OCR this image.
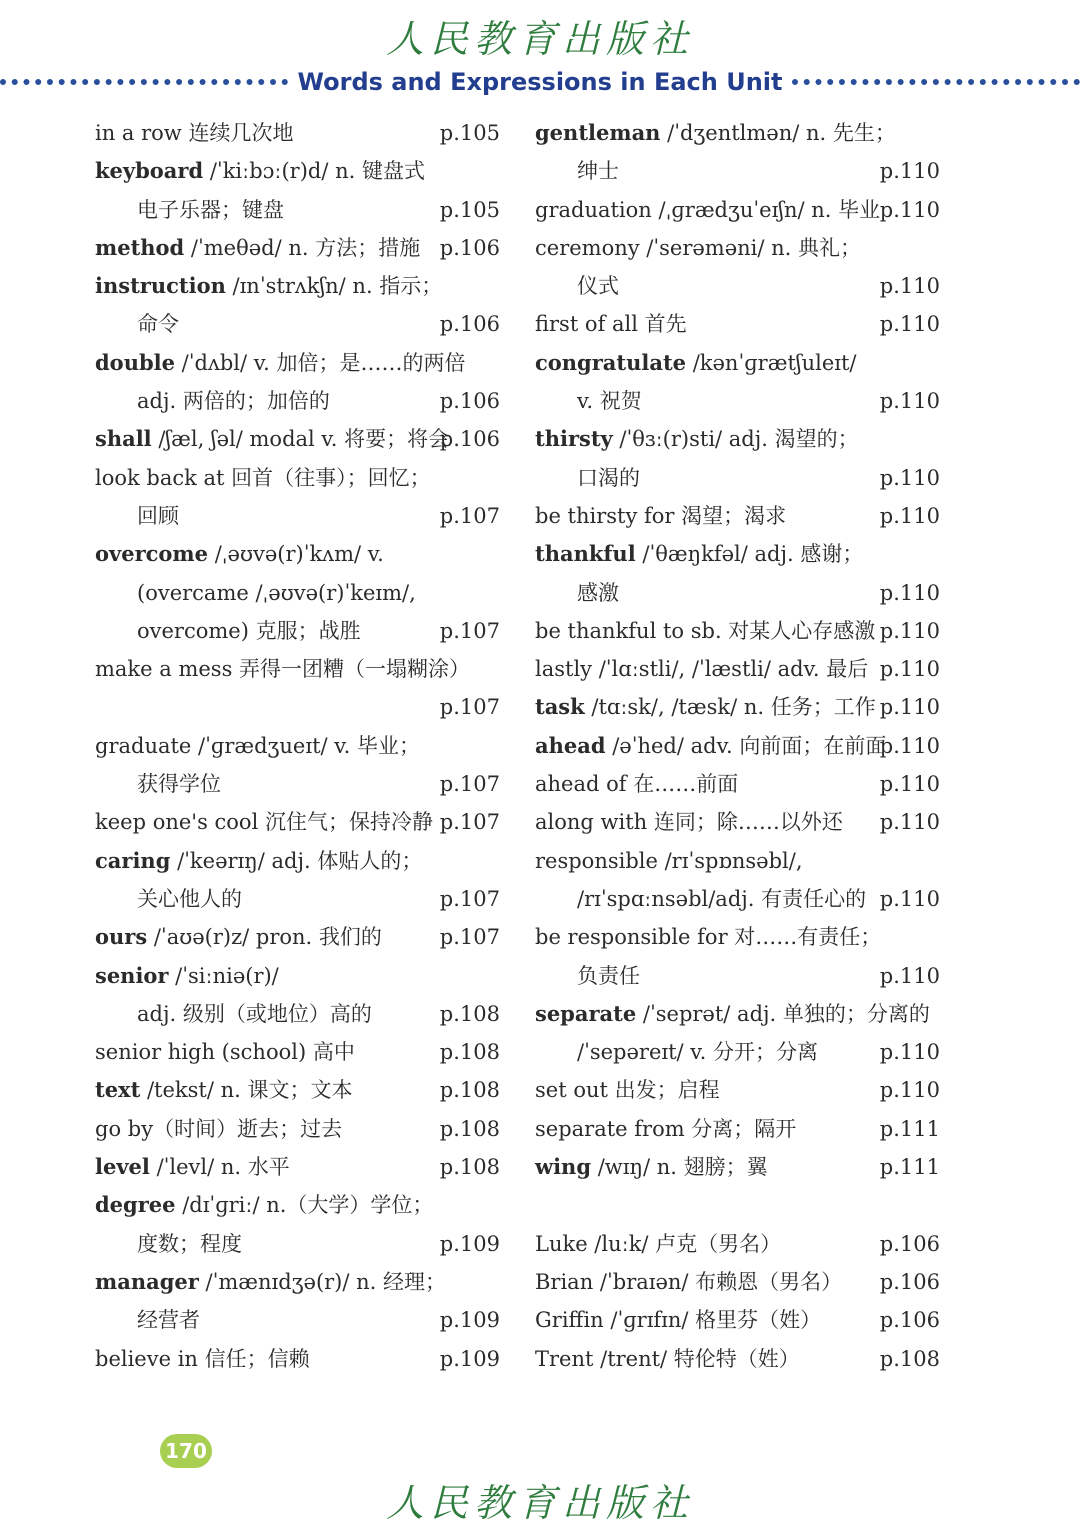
人民教育出版社
Words and Expressions in Each Unit
in a row 连续几次地	p.105
keyboard /ˈkiːbɔː(r)d/ n. 键盘式
电子乐器；键盘	p.105
method /ˈmeθəd/ n. 方法；措施 p.106
instruction /ɪnˈstrʌkʃn/ n. 指示；
命令	p.106
double /ˈdʌbl/ v. 加倍；是……的两倍
adj. 两倍的；加倍的	p.106
shall /ʃæl, ʃəl/ modal v. 将要；将会
p.106
look back at 回首（往事）；回忆；
回顾	p.107
overcome /ˌəʊvə(r)ˈkʌm/ v.
(overcame /ˌəʊvə(r)ˈkeɪm/,
overcome) 克服；战胜	p.107
make a mess 弄得一团糟（一塌糊涂）
p.107
graduate /ˈɡrædʒueɪt/ v. 毕业；
获得学位	p.107
keep one's cool 沉住气；保持冷静 p.107
caring /ˈkeərɪŋ/ adj. 体贴人的；
关心他人的	p.107
ours /ˈaʊə(r)z/ pron. 我们的	p.107
senior /ˈsiːniə(r)/
adj. 级别（或地位）高的	p.108
senior high (school) 高中	p.108
text /tekst/ n. 课文；文本	p.108
go by（时间）逝去；过去	p.108
level /ˈlevl/ n. 水平	p.108
degree /dɪˈɡriː/ n.（大学）学位；
度数；程度	p.109
manager /ˈmænɪdʒə(r)/ n. 经理；
经营者	p.109
believe in 信任；信赖	p.109
gentleman /ˈdʒentlmən/ n. 先生；
绅士	p.110
graduation /ˌɡrædʒuˈeɪʃn/ n. 毕业 p.110
ceremony /ˈserəməni/ n. 典礼；
仪式	p.110
first of all 首先	p.110
congratulate /kənˈɡrætʃuleɪt/
v. 祝贺	p.110
thirsty /ˈθɜː(r)sti/ adj. 渴望的；
口渴的	p.110
be thirsty for 渴望；渴求	p.110
thankful /ˈθæŋkfəl/ adj. 感谢；
感激	p.110
be thankful to sb. 对某人心存感激 p.110
lastly /ˈlɑːstli/, /ˈlæstli/ adv. 最后 p.110
task /tɑːsk/, /tæsk/ n. 任务；工作 p.110
ahead /əˈhed/ adv. 向前面；在前面
p.110
ahead of 在……前面	p.110
along with 连同；除……以外还 p.110
responsible /rɪˈspɒnsəbl/,
/rɪˈspɑːnsəbl/adj. 有责任心的 p.110
be responsible for 对……有责任；
负责任	p.110
separate /ˈseprət/ adj. 单独的；分离的
/ˈsepəreɪt/ v. 分开；分离	p.110
set out 出发；启程	p.110
separate from 分离；隔开	p.111
wing /wɪŋ/ n. 翅膀；翼	p.111
Luke /luːk/ 卢克（男名）	p.106
Brian /ˈbraɪən/ 布赖恩（男名） p.106
Griffin /ˈɡrɪfɪn/ 格里芬（姓）	p.106
Trent /trent/ 特伦特（姓）	p.108
170
人民教育出版社
